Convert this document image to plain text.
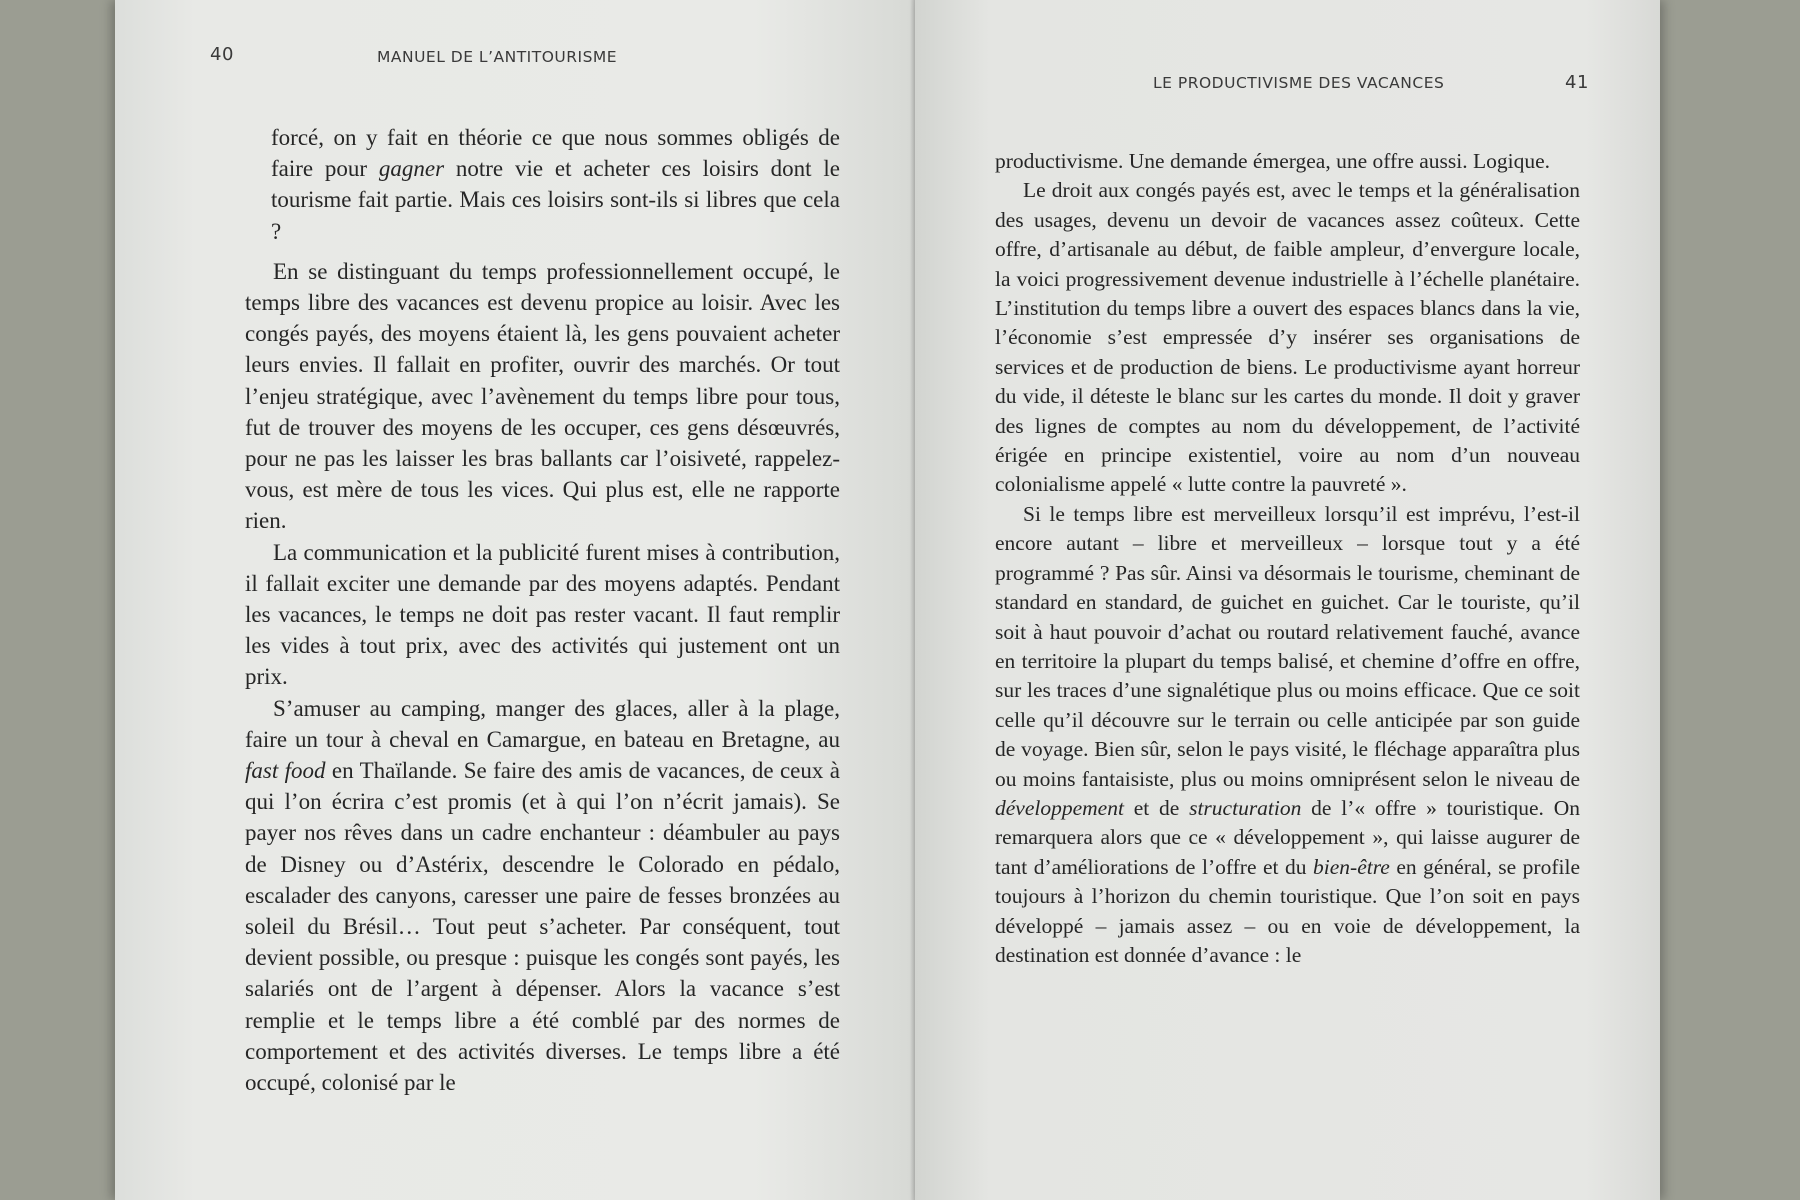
40	MANUEL DE L’ANTITOURISME

forcé, on y fait en théorie ce que nous sommes obligés de faire pour gagner notre vie et acheter ces loisirs dont le tourisme fait partie. Mais ces loisirs sont-ils si libres que cela ?

En se distinguant du temps professionnellement occupé, le temps libre des vacances est devenu propice au loisir. Avec les congés payés, des moyens étaient là, les gens pouvaient acheter leurs envies. Il fallait en profiter, ouvrir des marchés. Or tout l’enjeu stratégique, avec l’avènement du temps libre pour tous, fut de trouver des moyens de les occuper, ces gens désœuvrés, pour ne pas les laisser les bras ballants car l’oisiveté, rappelez-vous, est mère de tous les vices. Qui plus est, elle ne rapporte rien.

La communication et la publicité furent mises à contribution, il fallait exciter une demande par des moyens adaptés. Pendant les vacances, le temps ne doit pas rester vacant. Il faut remplir les vides à tout prix, avec des activités qui justement ont un prix.

S’amuser au camping, manger des glaces, aller à la plage, faire un tour à cheval en Camargue, en bateau en Bretagne, au fast food en Thaïlande. Se faire des amis de vacances, de ceux à qui l’on écrira c’est promis (et à qui l’on n’écrit jamais). Se payer nos rêves dans un cadre enchanteur : déambuler au pays de Disney ou d’Astérix, descendre le Colorado en pédalo, escalader des canyons, caresser une paire de fesses bronzées au soleil du Brésil… Tout peut s’acheter. Par conséquent, tout devient possible, ou presque : puisque les congés sont payés, les salariés ont de l’argent à dépenser. Alors la vacance s’est remplie et le temps libre a été comblé par des normes de comportement et des activités diverses. Le temps libre a été occupé, colonisé par le

LE PRODUCTIVISME DES VACANCES	41

productivisme. Une demande émergea, une offre aussi. Logique.

Le droit aux congés payés est, avec le temps et la généralisation des usages, devenu un devoir de vacances assez coûteux. Cette offre, d’artisanale au début, de faible ampleur, d’envergure locale, la voici progressivement devenue industrielle à l’échelle planétaire. L’institution du temps libre a ouvert des espaces blancs dans la vie, l’économie s’est empressée d’y insérer ses organisations de services et de production de biens. Le productivisme ayant horreur du vide, il déteste le blanc sur les cartes du monde. Il doit y graver des lignes de comptes au nom du développement, de l’activité érigée en principe existentiel, voire au nom d’un nouveau colonialisme appelé « lutte contre la pauvreté ».

Si le temps libre est merveilleux lorsqu’il est imprévu, l’est-il encore autant – libre et merveilleux – lorsque tout y a été programmé ? Pas sûr. Ainsi va désormais le tourisme, cheminant de standard en standard, de guichet en guichet. Car le touriste, qu’il soit à haut pouvoir d’achat ou routard relativement fauché, avance en territoire la plupart du temps balisé, et chemine d’offre en offre, sur les traces d’une signalétique plus ou moins efficace. Que ce soit celle qu’il découvre sur le terrain ou celle anticipée par son guide de voyage. Bien sûr, selon le pays visité, le fléchage apparaîtra plus ou moins fantaisiste, plus ou moins omniprésent selon le niveau de développement et de structuration de l’« offre » touristique. On remarquera alors que ce « développement », qui laisse augurer de tant d’améliorations de l’offre et du bien-être en général, se profile toujours à l’horizon du chemin touristique. Que l’on soit en pays développé – jamais assez – ou en voie de développement, la destination est donnée d’avance : le
